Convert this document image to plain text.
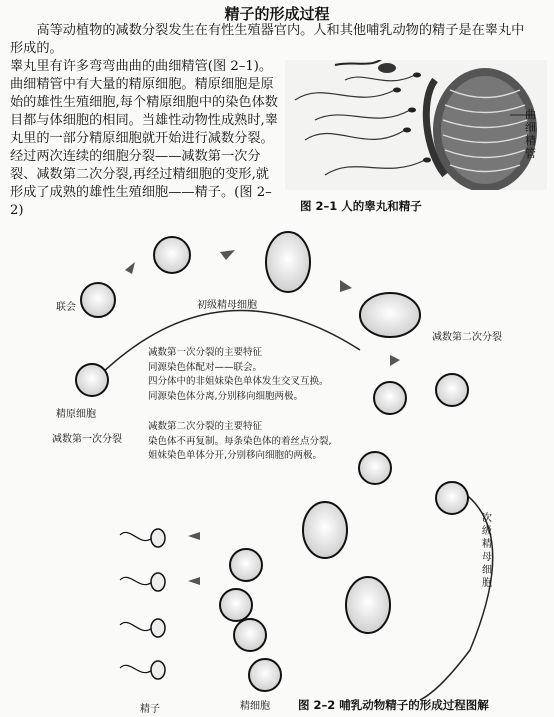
精子的形成过程

高等动植物的减数分裂发生在有性生殖器官内。人和其他哺乳动物的精子是在睾丸中
形成的。

睾丸里有许多弯弯曲曲的曲细精管(图 2–1)。曲细精管中有大量的精原细胞。精原细胞是原始的雄性生殖细胞,每个精原细胞中的染色体数目都与体细胞的相同。当雄性动物性成熟时,睾丸里的一部分精原细胞就开始进行减数分裂。经过两次连续的细胞分裂——减数第一次分裂、减数第二次分裂,再经过精细胞的变形,就形成了成熟的雄性生殖细胞——精子。(图 2–2)

曲细精管
图 2–1 人的睾丸和精子
联会	初级精母细胞
精原细胞
减数第一次分裂
减数第二次分裂
次级精母细胞
精细胞
精子
减数第一次分裂的主要特征
同源染色体配对——联会。
四分体中的非姐妹染色单体发生交叉互换。
同源染色体分离,分别移向细胞两极。
减数第二次分裂的主要特征
染色体不再复制。每条染色体的着丝点分裂,
姐妹染色单体分开,分别移向细胞的两极。
图 2–2 哺乳动物精子的形成过程图解
